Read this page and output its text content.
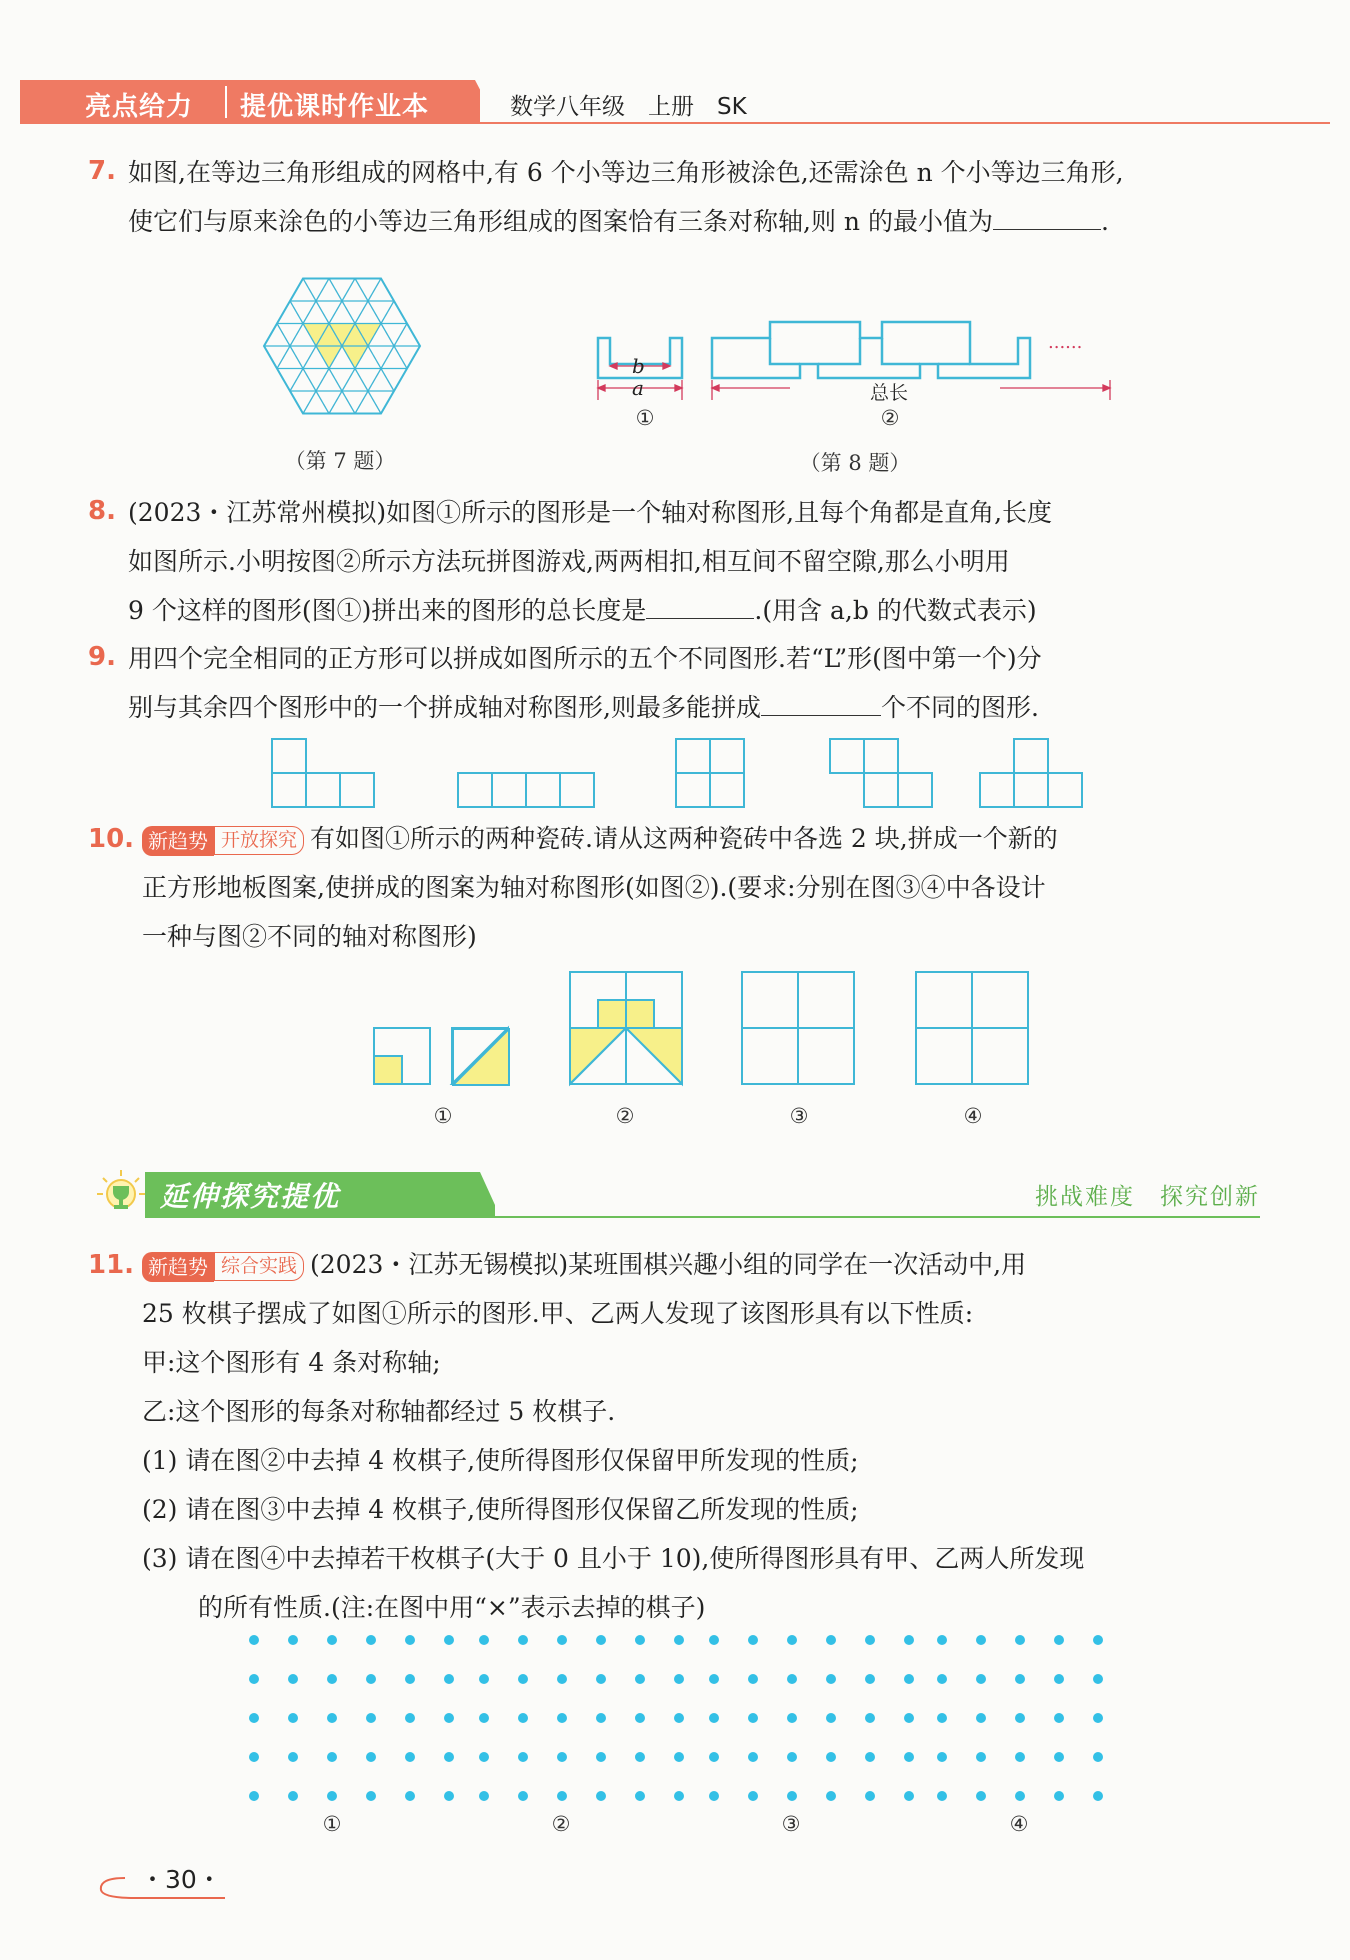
亮点给力 提优课时作业本	数学八年级　上册　SK
7. 如图,在等边三角形组成的网格中,有 6 个小等边三角形被涂色,还需涂色 n 个小等边三角形,
使它们与原来涂色的小等边三角形组成的图案恰有三条对称轴,则 n 的最小值为	.
（第 7 题）
b
a	总长
......
①	②
（第 8 题）
8. (2023・江苏常州模拟)如图①所示的图形是一个轴对称图形,且每个角都是直角,长度
如图所示.小明按图②所示方法玩拼图游戏,两两相扣,相互间不留空隙,那么小明用
9 个这样的图形(图①)拼出来的图形的总长度是	.(用含 a,b 的代数式表示)
9. 用四个完全相同的正方形可以拼成如图所示的五个不同图形.若“L”形(图中第一个)分
别与其余四个图形中的一个拼成轴对称图形,则最多能拼成	个不同的图形.
10. 新趋势 开放探究 有如图①所示的两种瓷砖.请从这两种瓷砖中各选 2 块,拼成一个新的
正方形地板图案,使拼成的图案为轴对称图形(如图②).(要求:分别在图③④中各设计
一种与图②不同的轴对称图形)
①	②	③	④
延伸探究提优	挑战难度　探究创新
11. 新趋势 综合实践 (2023・江苏无锡模拟)某班围棋兴趣小组的同学在一次活动中,用
25 枚棋子摆成了如图①所示的图形.甲、乙两人发现了该图形具有以下性质:
甲:这个图形有 4 条对称轴;
乙:这个图形的每条对称轴都经过 5 枚棋子.
(1) 请在图②中去掉 4 枚棋子,使所得图形仅保留甲所发现的性质;
(2) 请在图③中去掉 4 枚棋子,使所得图形仅保留乙所发现的性质;
(3) 请在图④中去掉若干枚棋子(大于 0 且小于 10),使所得图形具有甲、乙两人所发现
的所有性质.(注:在图中用“×”表示去掉的棋子)
①	②	③	④
・30・
